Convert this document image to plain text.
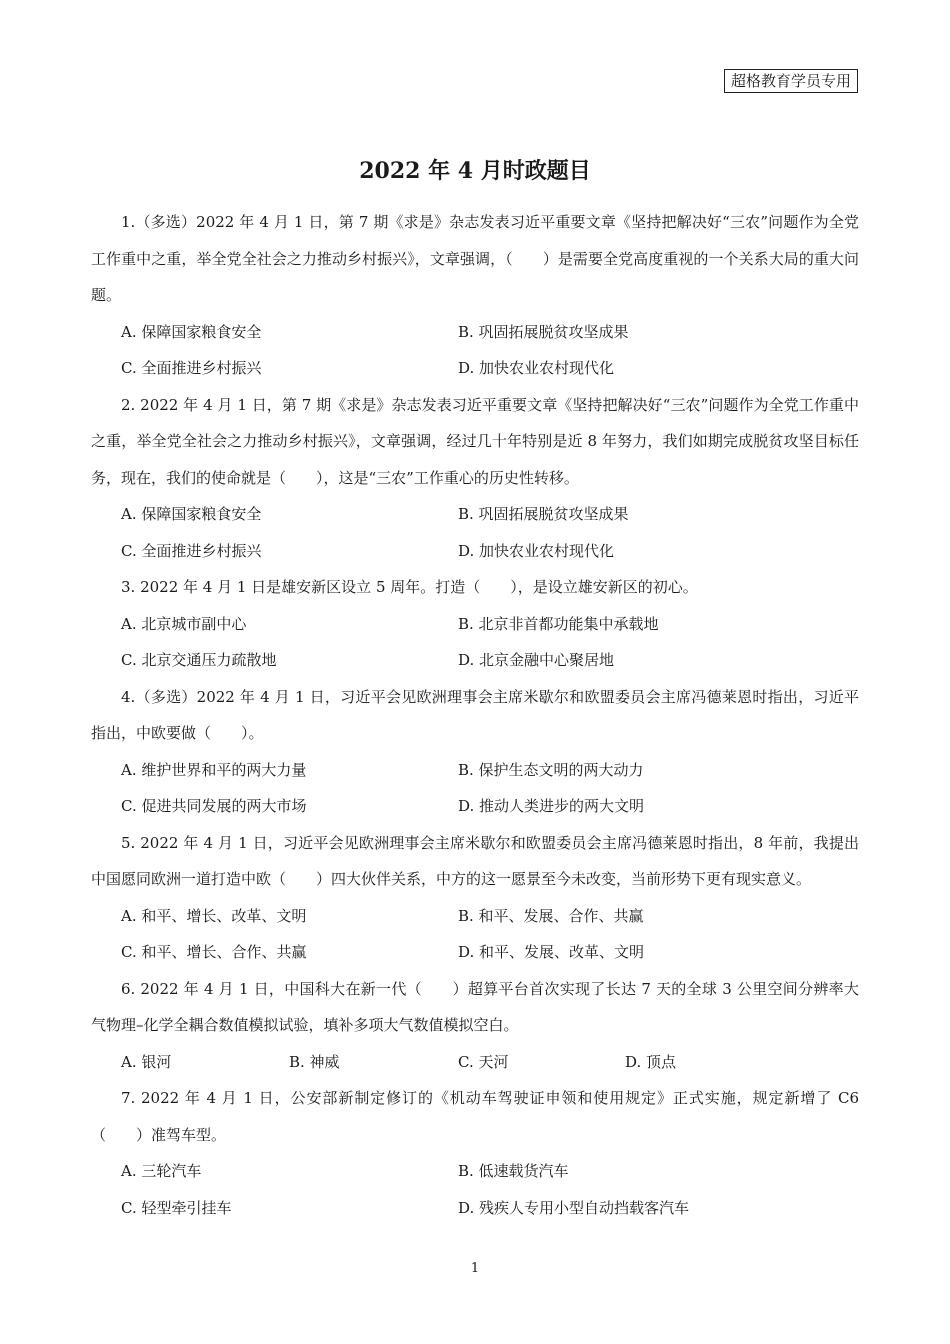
超格教育学员专用
2022 年 4 月时政题目

1.（多选）2022 年 4 月 1 日，第 7 期《求是》杂志发表习近平重要文章《坚持把解决好“三农”问题作为全党工作重中之重，举全党全社会之力推动乡村振兴》，文章强调，（　　）是需要全党高度重视的一个关系大局的重大问题。

A. 保障国家粮食安全	B. 巩固拓展脱贫攻坚成果
C. 全面推进乡村振兴	D. 加快农业农村现代化

2. 2022 年 4 月 1 日，第 7 期《求是》杂志发表习近平重要文章《坚持把解决好“三农”问题作为全党工作重中之重，举全党全社会之力推动乡村振兴》，文章强调，经过几十年特别是近 8 年努力，我们如期完成脱贫攻坚目标任务，现在，我们的使命就是（　　），这是“三农”工作重心的历史性转移。

A. 保障国家粮食安全	B. 巩固拓展脱贫攻坚成果
C. 全面推进乡村振兴	D. 加快农业农村现代化

3. 2022 年 4 月 1 日是雄安新区设立 5 周年。打造（　　），是设立雄安新区的初心。

A. 北京城市副中心	B. 北京非首都功能集中承载地
C. 北京交通压力疏散地	D. 北京金融中心聚居地

4.（多选）2022 年 4 月 1 日，习近平会见欧洲理事会主席米歇尔和欧盟委员会主席冯德莱恩时指出，习近平指出，中欧要做（　　）。

A. 维护世界和平的两大力量	B. 保护生态文明的两大动力
C. 促进共同发展的两大市场	D. 推动人类进步的两大文明

5. 2022 年 4 月 1 日，习近平会见欧洲理事会主席米歇尔和欧盟委员会主席冯德莱恩时指出，8 年前，我提出中国愿同欧洲一道打造中欧（　　）四大伙伴关系，中方的这一愿景至今未改变，当前形势下更有现实意义。

A. 和平、增长、改革、文明	B. 和平、发展、合作、共赢
C. 和平、增长、合作、共赢	D. 和平、发展、改革、文明

6. 2022 年 4 月 1 日，中国科大在新一代（　　）超算平台首次实现了长达 7 天的全球 3 公里空间分辨率大气物理–化学全耦合数值模拟试验，填补多项大气数值模拟空白。

A. 银河	B. 神威	C. 天河	D. 顶点

7. 2022 年 4 月 1 日，公安部新制定修订的《机动车驾驶证申领和使用规定》正式实施，规定新增了 C6（　　）准驾车型。

A. 三轮汽车	B. 低速载货汽车
C. 轻型牵引挂车	D. 残疾人专用小型自动挡载客汽车
1
